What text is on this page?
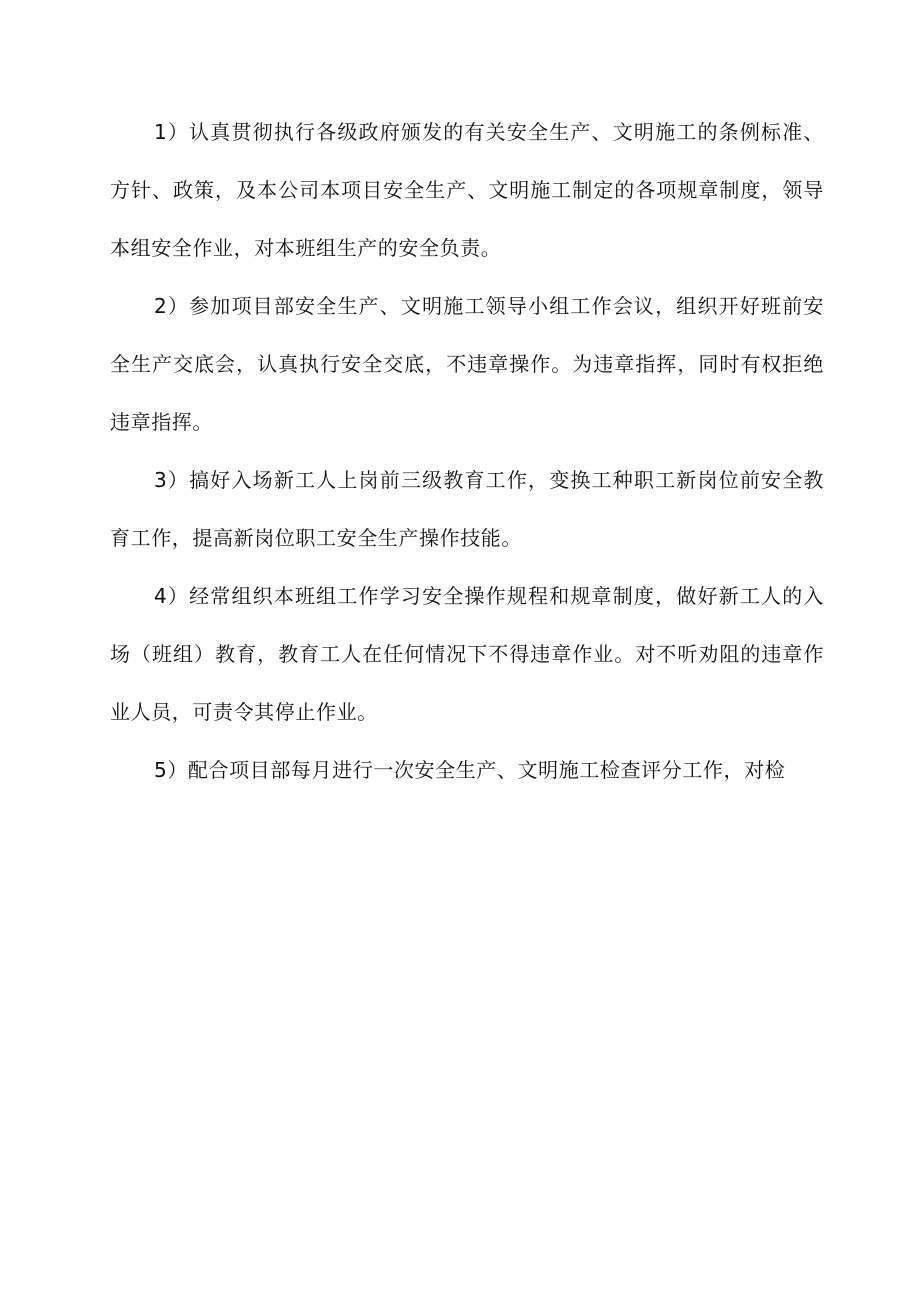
1）认真贯彻执行各级政府颁发的有关安全生产、文明施工的条例标准、方针、政策，及本公司本项目安全生产、文明施工制定的各项规章制度，领导本组安全作业，对本班组生产的安全负责。

2）参加项目部安全生产、文明施工领导小组工作会议，组织开好班前安全生产交底会，认真执行安全交底，不违章操作。为违章指挥，同时有权拒绝违章指挥。

3）搞好入场新工人上岗前三级教育工作，变换工种职工新岗位前安全教育工作，提高新岗位职工安全生产操作技能。

4）经常组织本班组工作学习安全操作规程和规章制度，做好新工人的入场（班组）教育，教育工人在任何情况下不得违章作业。对不听劝阻的违章作业人员，可责令其停止作业。

5）配合项目部每月进行一次安全生产、文明施工检查评分工作，对检
